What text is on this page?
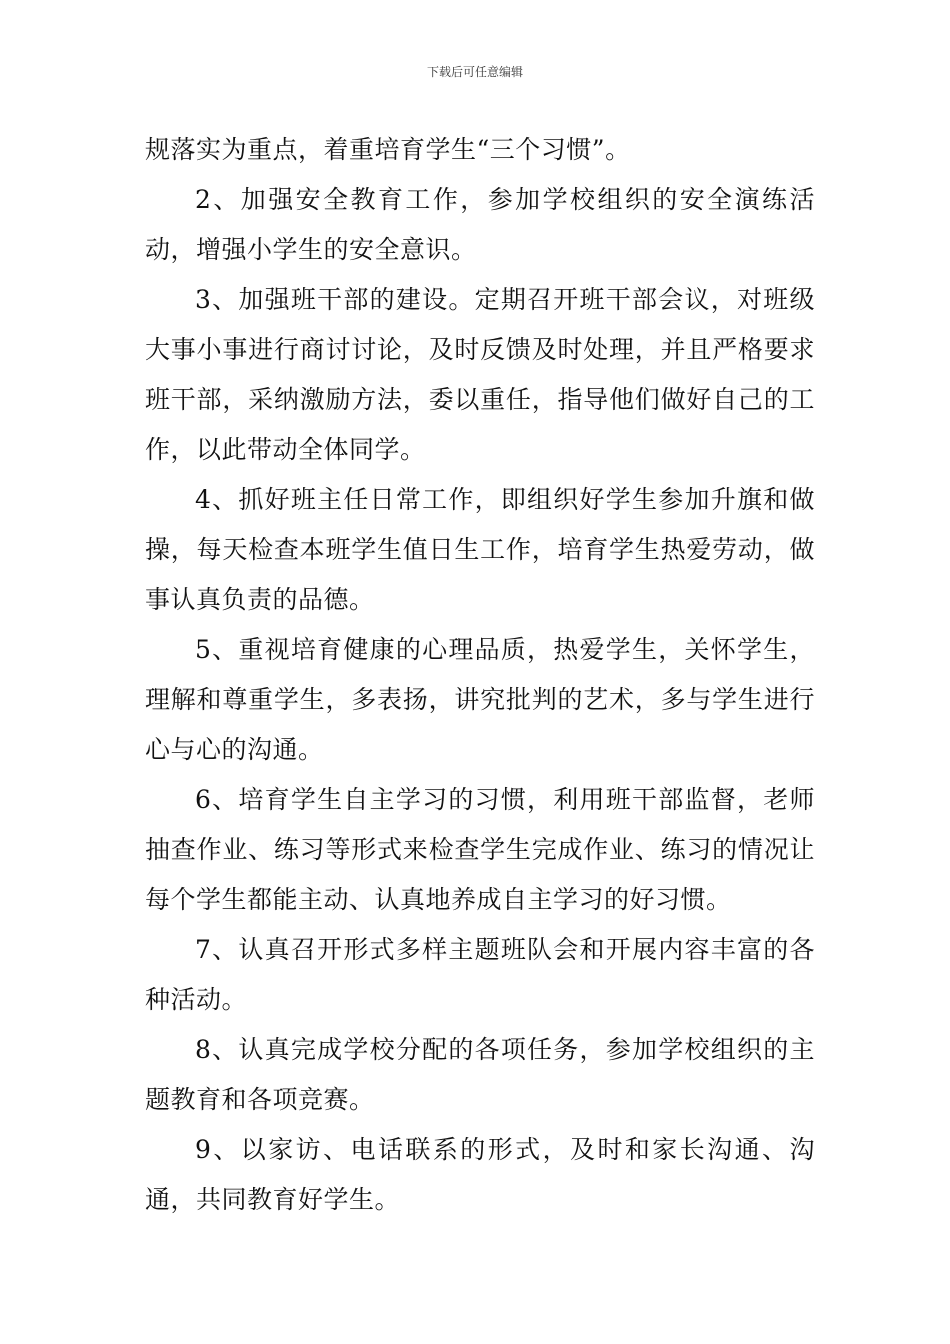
下载后可任意编辑

规落实为重点，着重培育学生“三个习惯”。

2、加强安全教育工作，参加学校组织的安全演练活动，增强小学生的安全意识。

3、加强班干部的建设。定期召开班干部会议，对班级大事小事进行商讨讨论，及时反馈及时处理，并且严格要求班干部，采纳激励方法，委以重任，指导他们做好自己的工作，以此带动全体同学。

4、抓好班主任日常工作，即组织好学生参加升旗和做操，每天检查本班学生值日生工作，培育学生热爱劳动，做事认真负责的品德。

5、重视培育健康的心理品质，热爱学生，关怀学生，理解和尊重学生，多表扬，讲究批判的艺术，多与学生进行心与心的沟通。

6、培育学生自主学习的习惯，利用班干部监督，老师抽查作业、练习等形式来检查学生完成作业、练习的情况让每个学生都能主动、认真地养成自主学习的好习惯。

7、认真召开形式多样主题班队会和开展内容丰富的各种活动。

8、认真完成学校分配的各项任务，参加学校组织的主题教育和各项竞赛。

9、以家访、电话联系的形式，及时和家长沟通、沟通，共同教育好学生。
